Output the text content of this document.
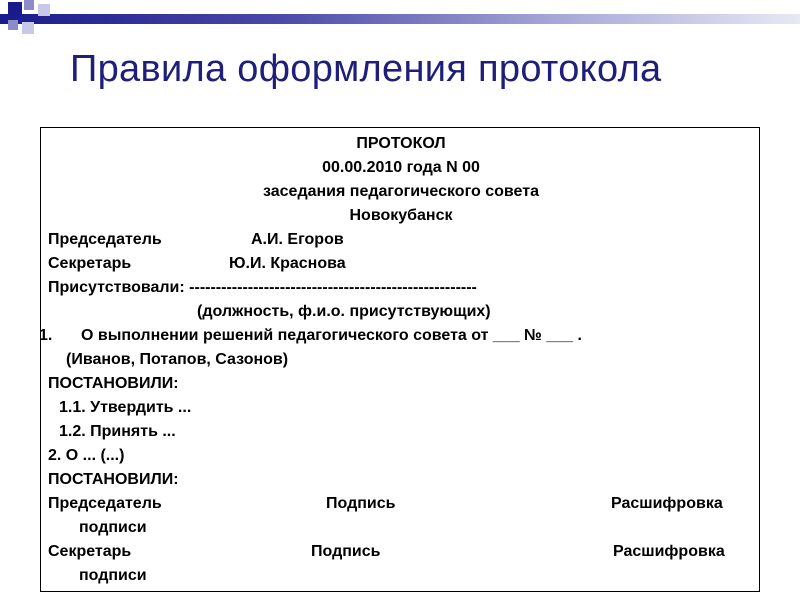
Правила оформления протокола
ПРОТОКОЛ
00.00.2010 года N 00
заседания педагогического совета
Новокубанск
Председатель	А.И. Егоров
Секретарь	Ю.И. Краснова
Присутствовали: ------------------------------------------------------
(должность, ф.и.о. присутствующих)
1. О выполнении решений педагогического совета от ___ № ___ .
(Иванов, Потапов, Сазонов)
ПОСТАНОВИЛИ:
1.1. Утвердить ...
1.2. Принять ...
2. О ... (...)
ПОСТАНОВИЛИ:
Председатель	Подпись	Расшифровка
подписи
Секретарь	Подпись	Расшифровка
подписи
